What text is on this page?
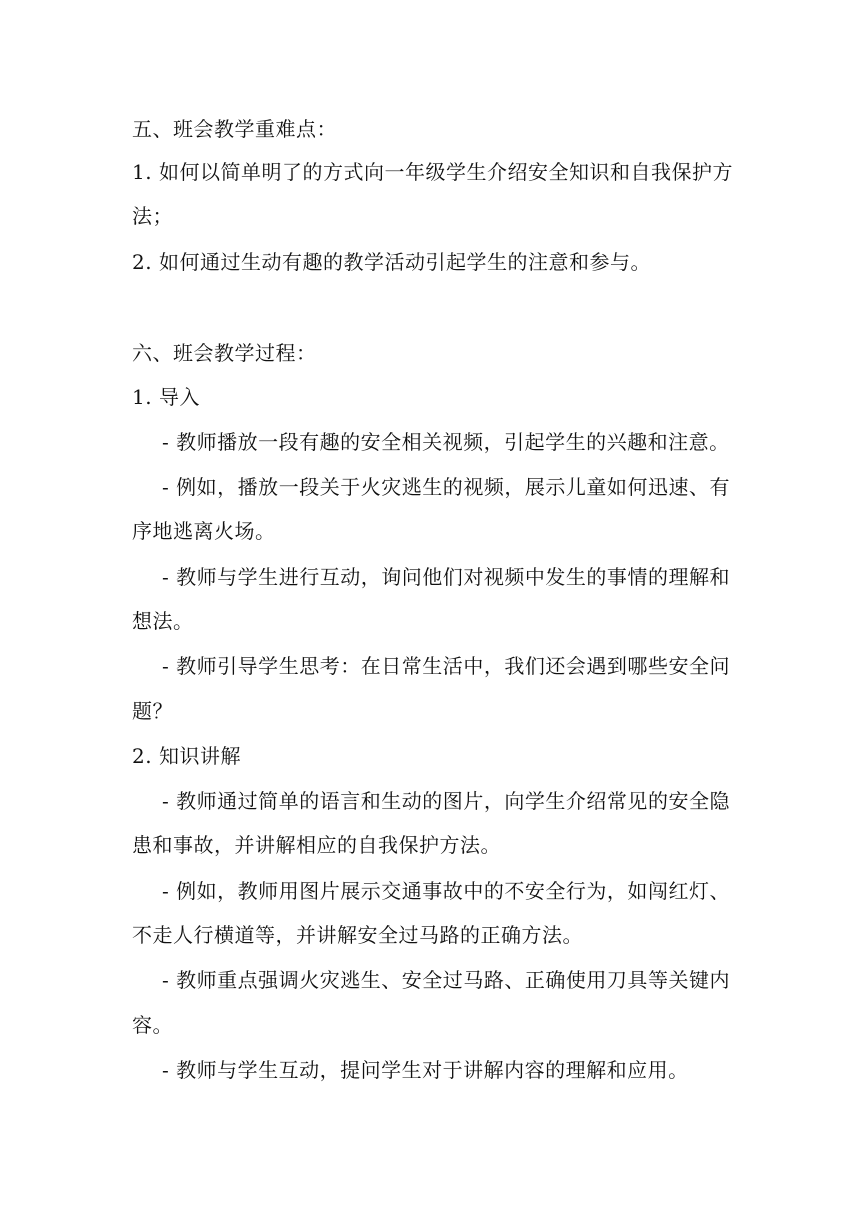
五、班会教学重难点：
1. 如何以简单明了的方式向一年级学生介绍安全知识和自我保护方
法；
2. 如何通过生动有趣的教学活动引起学生的注意和参与。
六、班会教学过程：
1. 导入
- 教师播放一段有趣的安全相关视频，引起学生的兴趣和注意。
- 例如，播放一段关于火灾逃生的视频，展示儿童如何迅速、有
序地逃离火场。
- 教师与学生进行互动，询问他们对视频中发生的事情的理解和
想法。
- 教师引导学生思考：在日常生活中，我们还会遇到哪些安全问
题？
2. 知识讲解
- 教师通过简单的语言和生动的图片，向学生介绍常见的安全隐
患和事故，并讲解相应的自我保护方法。
- 例如，教师用图片展示交通事故中的不安全行为，如闯红灯、
不走人行横道等，并讲解安全过马路的正确方法。
- 教师重点强调火灾逃生、安全过马路、正确使用刀具等关键内
容。
- 教师与学生互动，提问学生对于讲解内容的理解和应用。
